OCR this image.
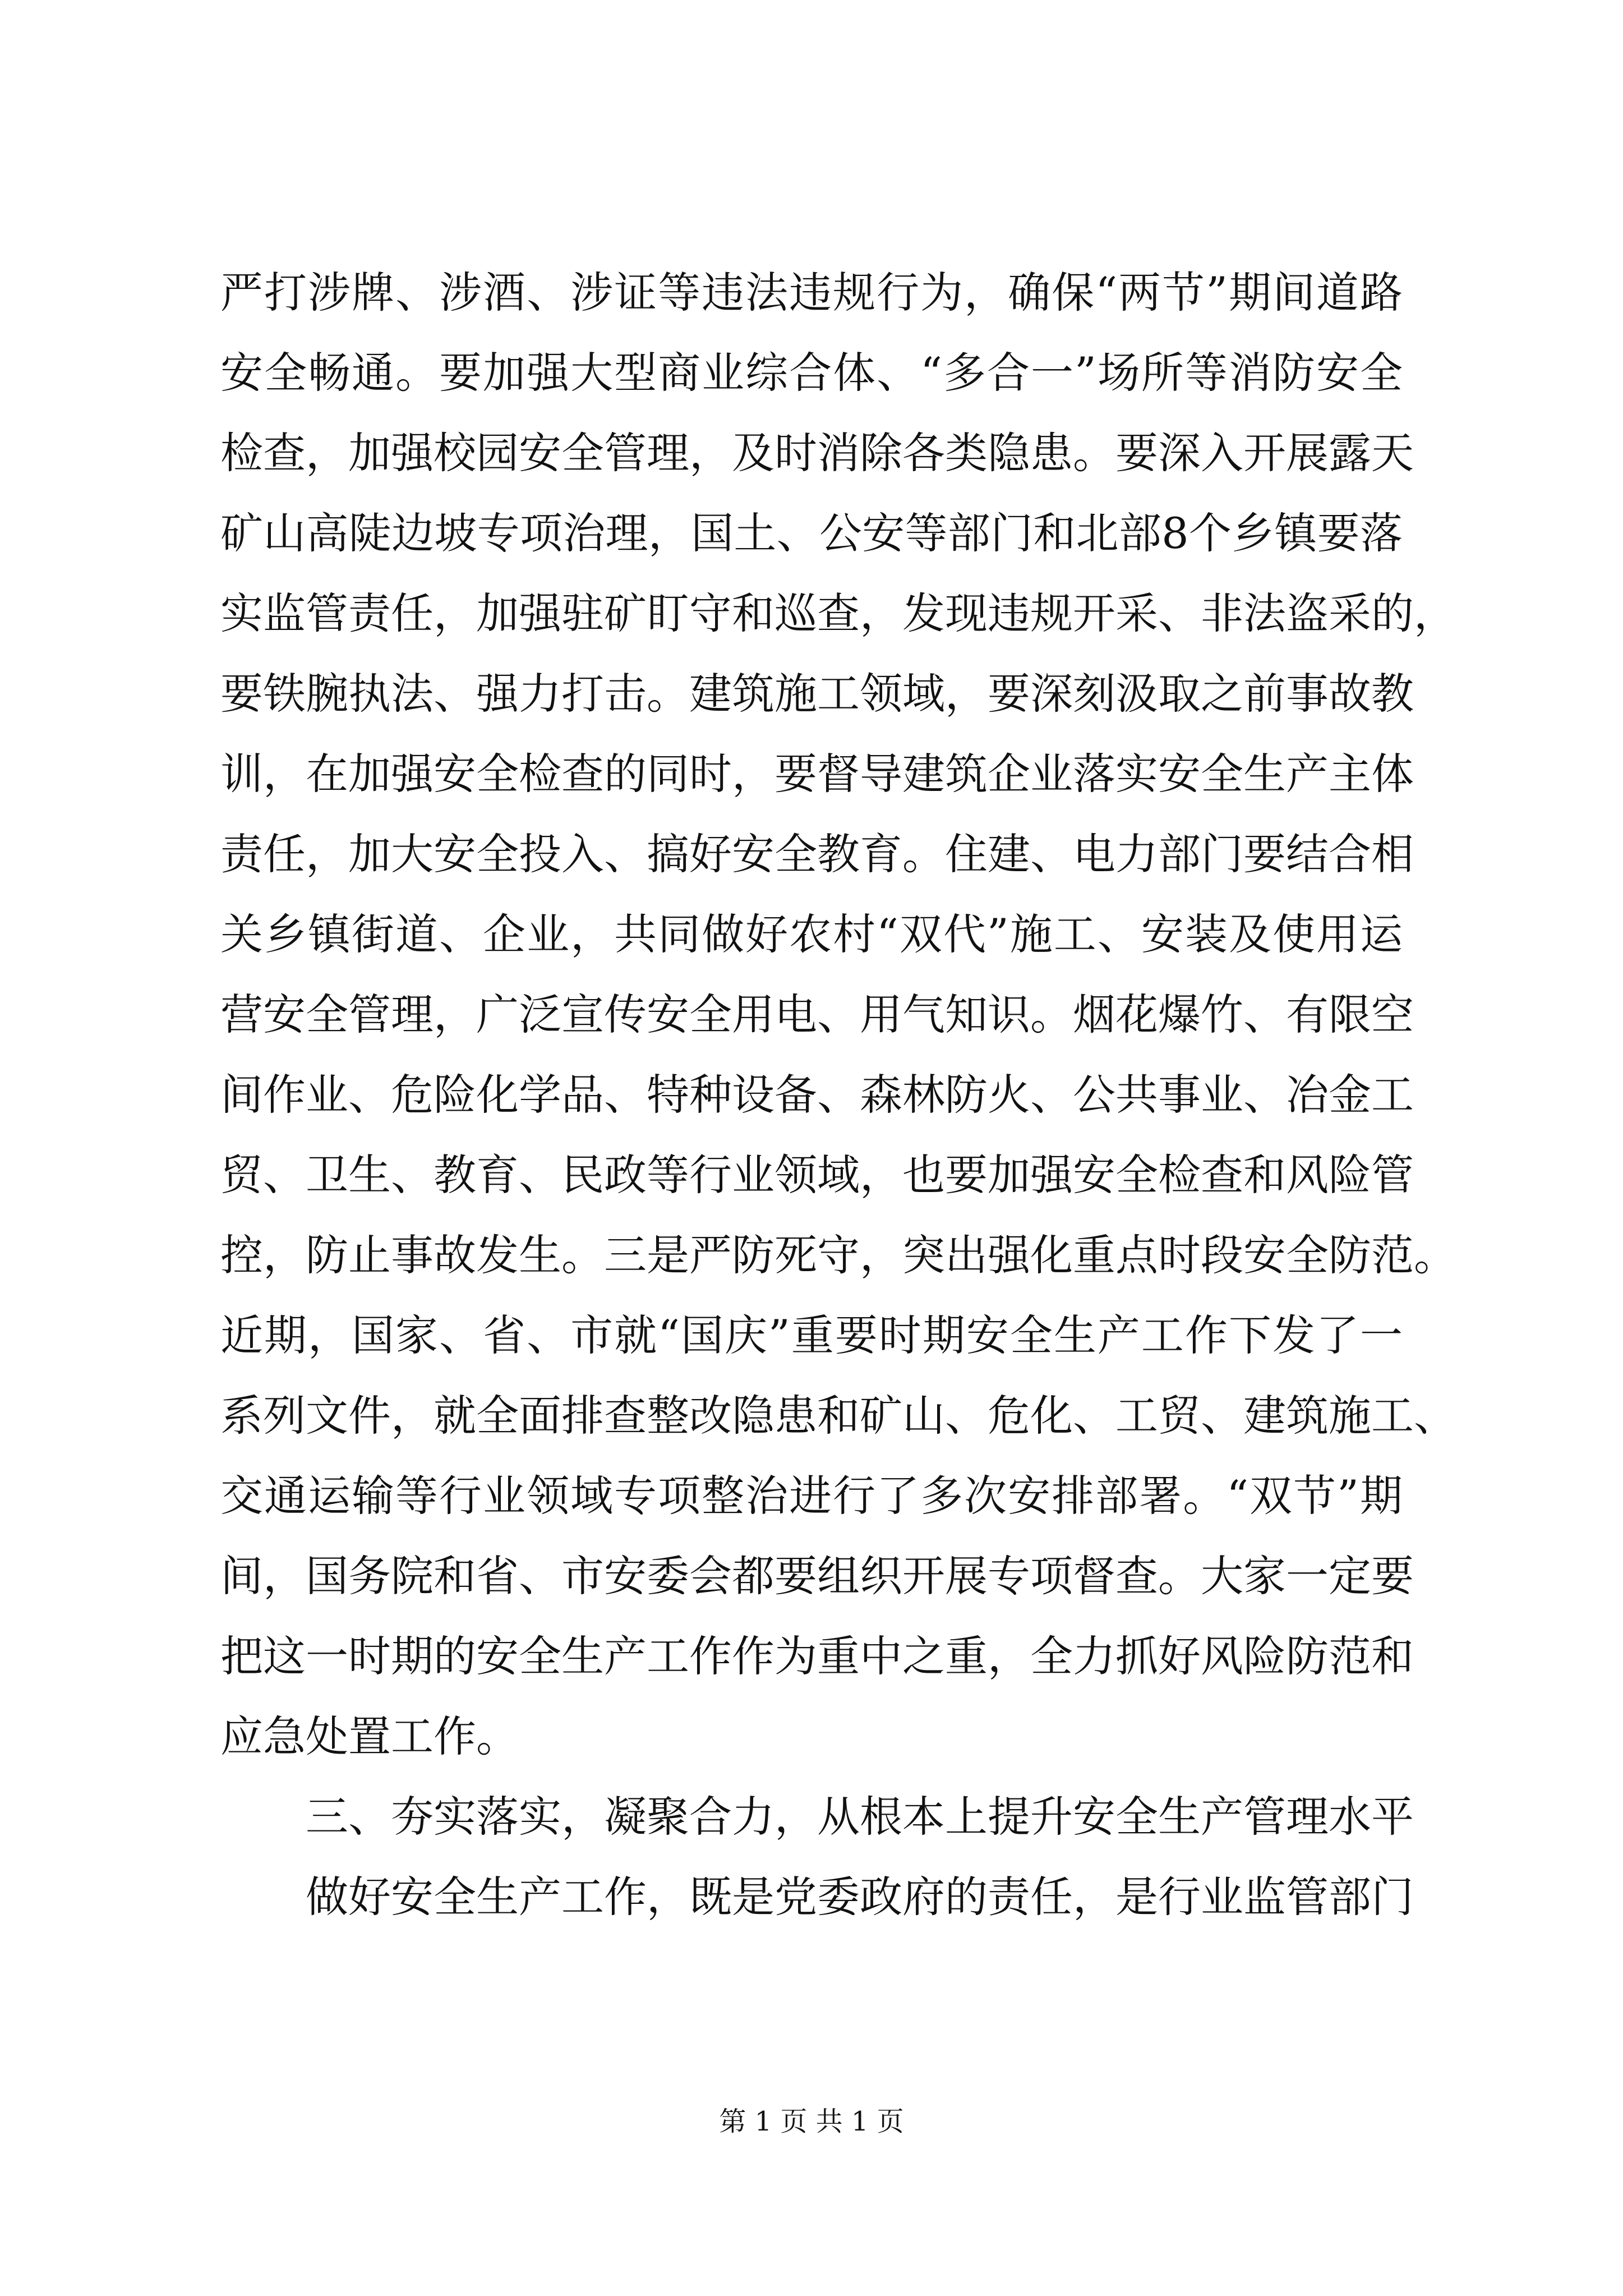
严打涉牌、涉酒、涉证等违法违规行为，确保“两节”期间道路
安全畅通。要加强大型商业综合体、“多合一”场所等消防安全
检查，加强校园安全管理，及时消除各类隐患。要深入开展露天
矿山高陡边坡专项治理，国土、公安等部门和北部8个乡镇要落
实监管责任，加强驻矿盯守和巡查，发现违规开采、非法盗采的，
要铁腕执法、强力打击。建筑施工领域，要深刻汲取之前事故教
训，在加强安全检查的同时，要督导建筑企业落实安全生产主体
责任，加大安全投入、搞好安全教育。住建、电力部门要结合相
关乡镇街道、企业，共同做好农村“双代”施工、安装及使用运
营安全管理，广泛宣传安全用电、用气知识。烟花爆竹、有限空
间作业、危险化学品、特种设备、森林防火、公共事业、冶金工
贸、卫生、教育、民政等行业领域，也要加强安全检查和风险管
控，防止事故发生。三是严防死守，突出强化重点时段安全防范。
近期，国家、省、市就“国庆”重要时期安全生产工作下发了一
系列文件，就全面排查整改隐患和矿山、危化、工贸、建筑施工、
交通运输等行业领域专项整治进行了多次安排部署。“双节”期
间，国务院和省、市安委会都要组织开展专项督查。大家一定要
把这一时期的安全生产工作作为重中之重，全力抓好风险防范和
应急处置工作。
三、夯实落实，凝聚合力，从根本上提升安全生产管理水平
做好安全生产工作，既是党委政府的责任，是行业监管部门
第 1 页 共 1 页
